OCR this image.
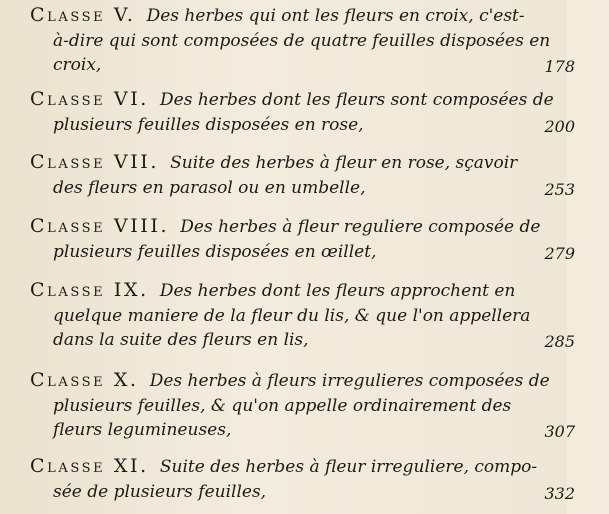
Classe V. Des herbes qui ont les fleurs en croix, c'est-
à-dire qui sont composées de quatre feuilles disposées en
croix,	178
Classe VI. Des herbes dont les fleurs sont composées de
plusieurs feuilles disposées en rose,	200
Classe VII. Suite des herbes à fleur en rose, sçavoir
des fleurs en parasol ou en umbelle,	253
Classe VIII. Des herbes à fleur reguliere composée de
plusieurs feuilles disposées en œillet,	279
Classe IX. Des herbes dont les fleurs approchent en
quelque maniere de la fleur du lis, & que l'on appellera
dans la suite des fleurs en lis,	285
Classe X. Des herbes à fleurs irregulieres composées de
plusieurs feuilles, & qu'on appelle ordinairement des
fleurs legumineuses,	307
Classe XI. Suite des herbes à fleur irreguliere, compo-
sée de plusieurs feuilles,	332
